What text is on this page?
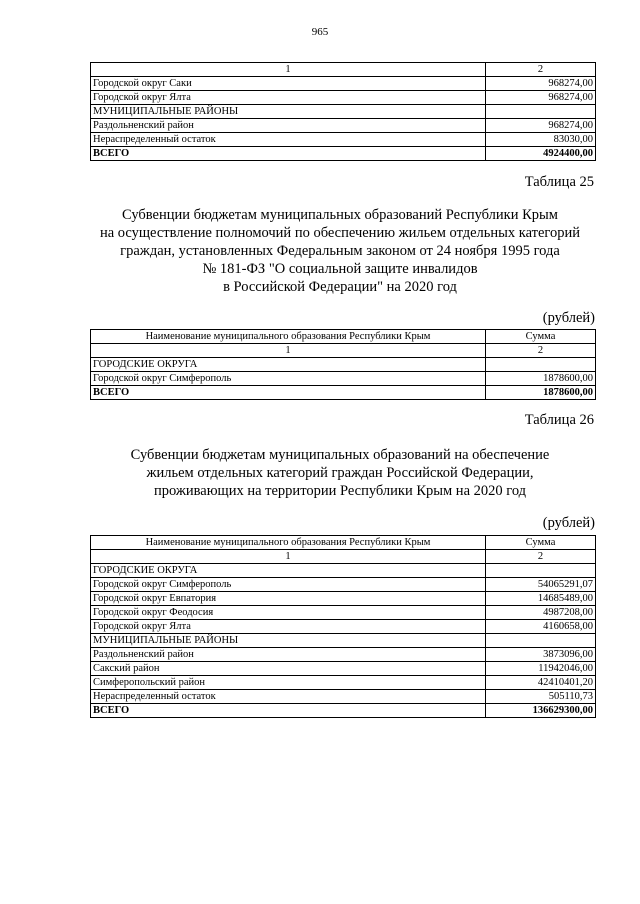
965
1	2
Городской округ Саки	968274,00
Городской округ Ялта	968274,00
МУНИЦИПАЛЬНЫЕ РАЙОНЫ	
Раздольненский район	968274,00
Нераспределенный остаток	83030,00
ВСЕГО	4924400,00
Таблица 25
Субвенции бюджетам муниципальных образований Республики Крым
на осуществление полномочий по обеспечению жильем отдельных категорий
граждан, установленных Федеральным законом от 24 ноября 1995 года
№ 181-ФЗ "О социальной защите инвалидов
в Российской Федерации" на 2020 год
(рублей)
Наименование муниципального образования Республики Крым	Сумма
1	2
ГОРОДСКИЕ ОКРУГА	
Городской округ Симферополь	1878600,00
ВСЕГО	1878600,00
Таблица 26
Субвенции бюджетам муниципальных образований на обеспечение
жильем отдельных категорий граждан Российской Федерации,
проживающих на территории Республики Крым на 2020 год
(рублей)
Наименование муниципального образования Республики Крым	Сумма
1	2
ГОРОДСКИЕ ОКРУГА	
Городской округ Симферополь	54065291,07
Городской округ Евпатория	14685489,00
Городской округ Феодосия	4987208,00
Городской округ Ялта	4160658,00
МУНИЦИПАЛЬНЫЕ РАЙОНЫ	
Раздольненский район	3873096,00
Сакский район	11942046,00
Симферопольский район	42410401,20
Нераспределенный остаток	505110,73
ВСЕГО	136629300,00
